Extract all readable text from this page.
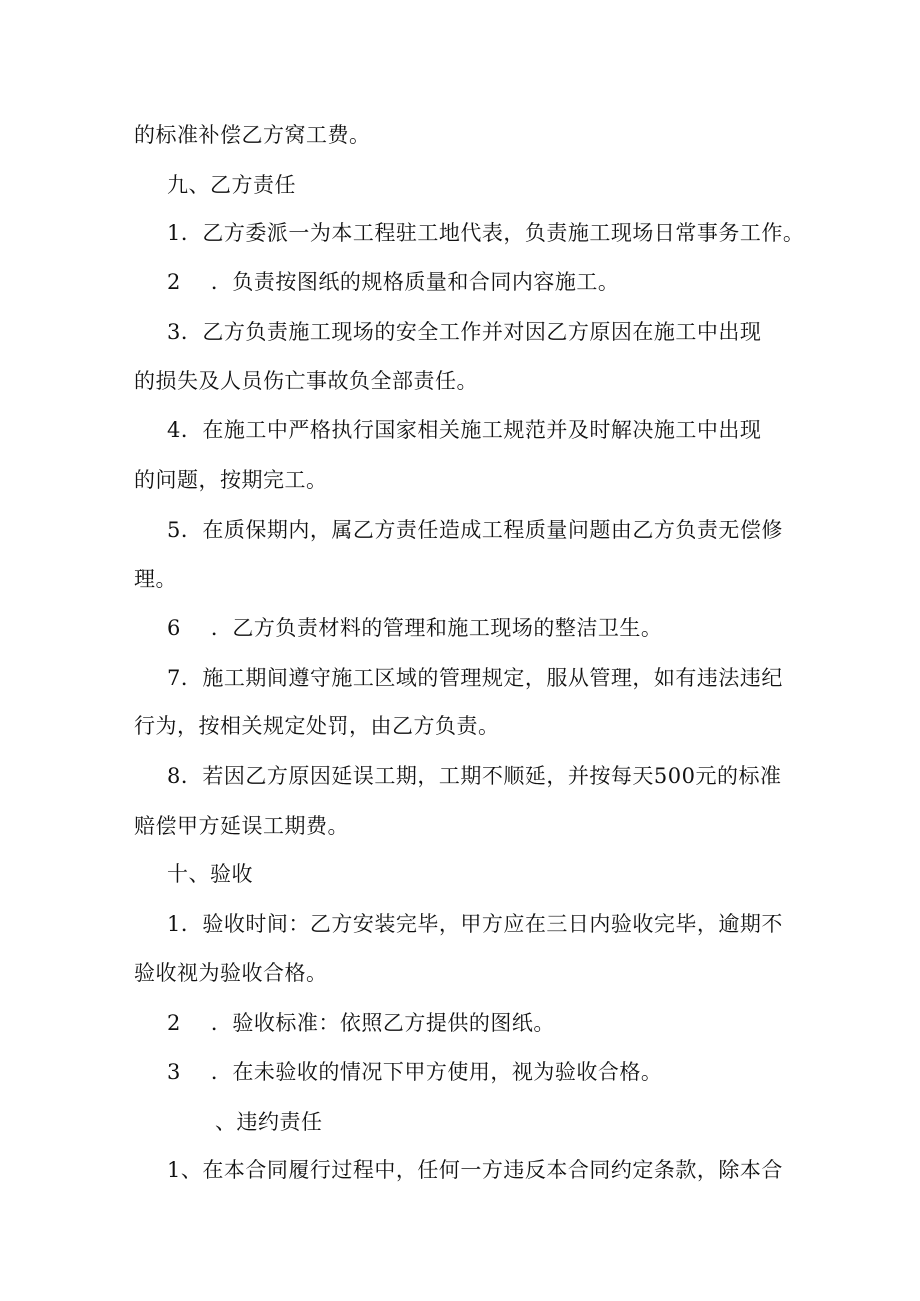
的标准补偿乙方窝工费。
九、乙方责任
1．乙方委派一为本工程驻工地代表，负责施工现场日常事务工作。
2 ．负责按图纸的规格质量和合同内容施工。
3．乙方负责施工现场的安全工作并对因乙方原因在施工中出现
的损失及人员伤亡事故负全部责任。
4．在施工中严格执行国家相关施工规范并及时解决施工中出现
的问题，按期完工。
5．在质保期内，属乙方责任造成工程质量问题由乙方负责无偿修
理。
6 ．乙方负责材料的管理和施工现场的整洁卫生。
7．施工期间遵守施工区域的管理规定，服从管理，如有违法违纪
行为，按相关规定处罚，由乙方负责。
8．若因乙方原因延误工期，工期不顺延，并按每天500元的标准
赔偿甲方延误工期费。
十、验收
1．验收时间：乙方安装完毕，甲方应在三日内验收完毕，逾期不
验收视为验收合格。
2 ．验收标准：依照乙方提供的图纸。
3 ．在未验收的情况下甲方使用，视为验收合格。
、违约责任
1、在本合同履行过程中，任何一方违反本合同约定条款，除本合
